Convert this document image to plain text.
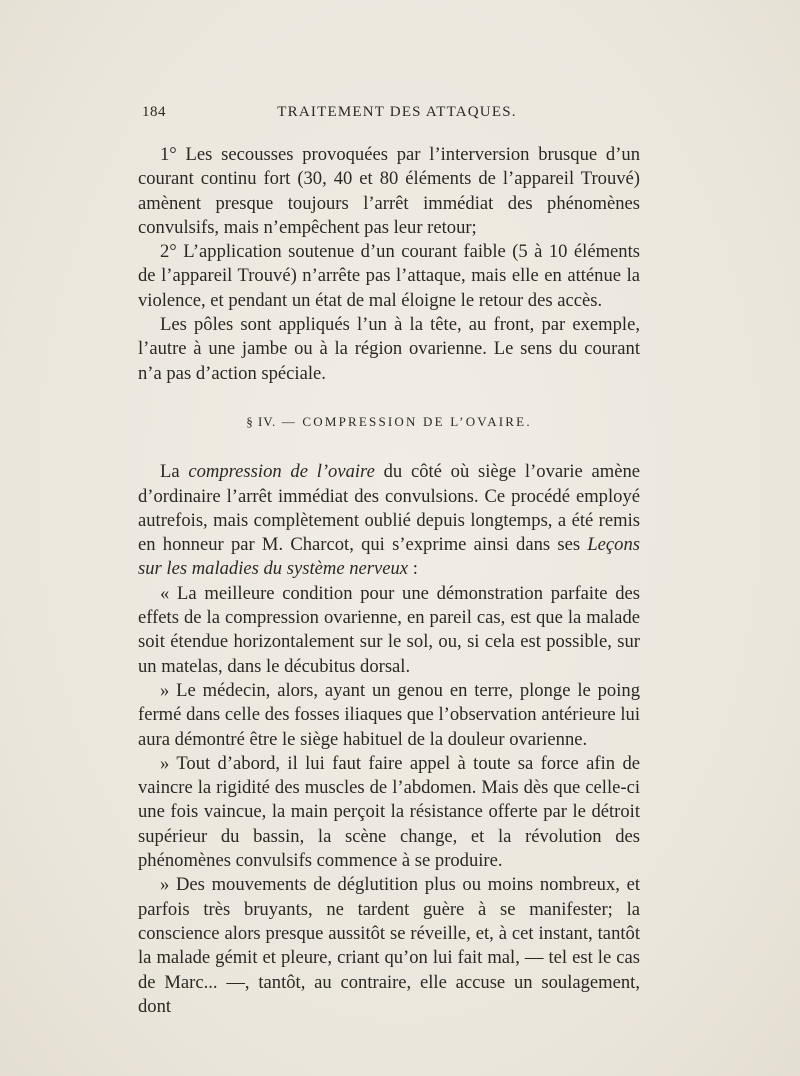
184	TRAITEMENT DES ATTAQUES.

1° Les secousses provoquées par l’interversion brusque d’un courant continu fort (30, 40 et 80 éléments de l’appareil Trouvé) amènent presque toujours l’arrêt immédiat des phénomènes convulsifs, mais n’empêchent pas leur retour;

2° L’application soutenue d’un courant faible (5 à 10 éléments de l’appareil Trouvé) n’arrête pas l’attaque, mais elle en atténue la violence, et pendant un état de mal éloigne le retour des accès.

Les pôles sont appliqués l’un à la tête, au front, par exemple, l’autre à une jambe ou à la région ovarienne. Le sens du courant n’a pas d’action spéciale.

§ IV. — COMPRESSION DE L’OVAIRE.

La compression de l’ovaire du côté où siège l’ovarie amène d’ordinaire l’arrêt immédiat des convulsions. Ce procédé employé autrefois, mais complètement oublié depuis longtemps, a été remis en honneur par M. Charcot, qui s’exprime ainsi dans ses Leçons sur les maladies du système nerveux :

« La meilleure condition pour une démonstration parfaite des effets de la compression ovarienne, en pareil cas, est que la malade soit étendue horizontalement sur le sol, ou, si cela est possible, sur un matelas, dans le décubitus dorsal.

» Le médecin, alors, ayant un genou en terre, plonge le poing fermé dans celle des fosses iliaques que l’observation antérieure lui aura démontré être le siège habituel de la douleur ovarienne.

» Tout d’abord, il lui faut faire appel à toute sa force afin de vaincre la rigidité des muscles de l’abdomen. Mais dès que celle-ci une fois vaincue, la main perçoit la résistance offerte par le détroit supérieur du bassin, la scène change, et la révolution des phénomènes convulsifs commence à se produire.

» Des mouvements de déglutition plus ou moins nombreux, et parfois très bruyants, ne tardent guère à se manifester; la conscience alors presque aussitôt se réveille, et, à cet instant, tantôt la malade gémit et pleure, criant qu’on lui fait mal, — tel est le cas de Marc... —, tantôt, au contraire, elle accuse un soulagement, dont
